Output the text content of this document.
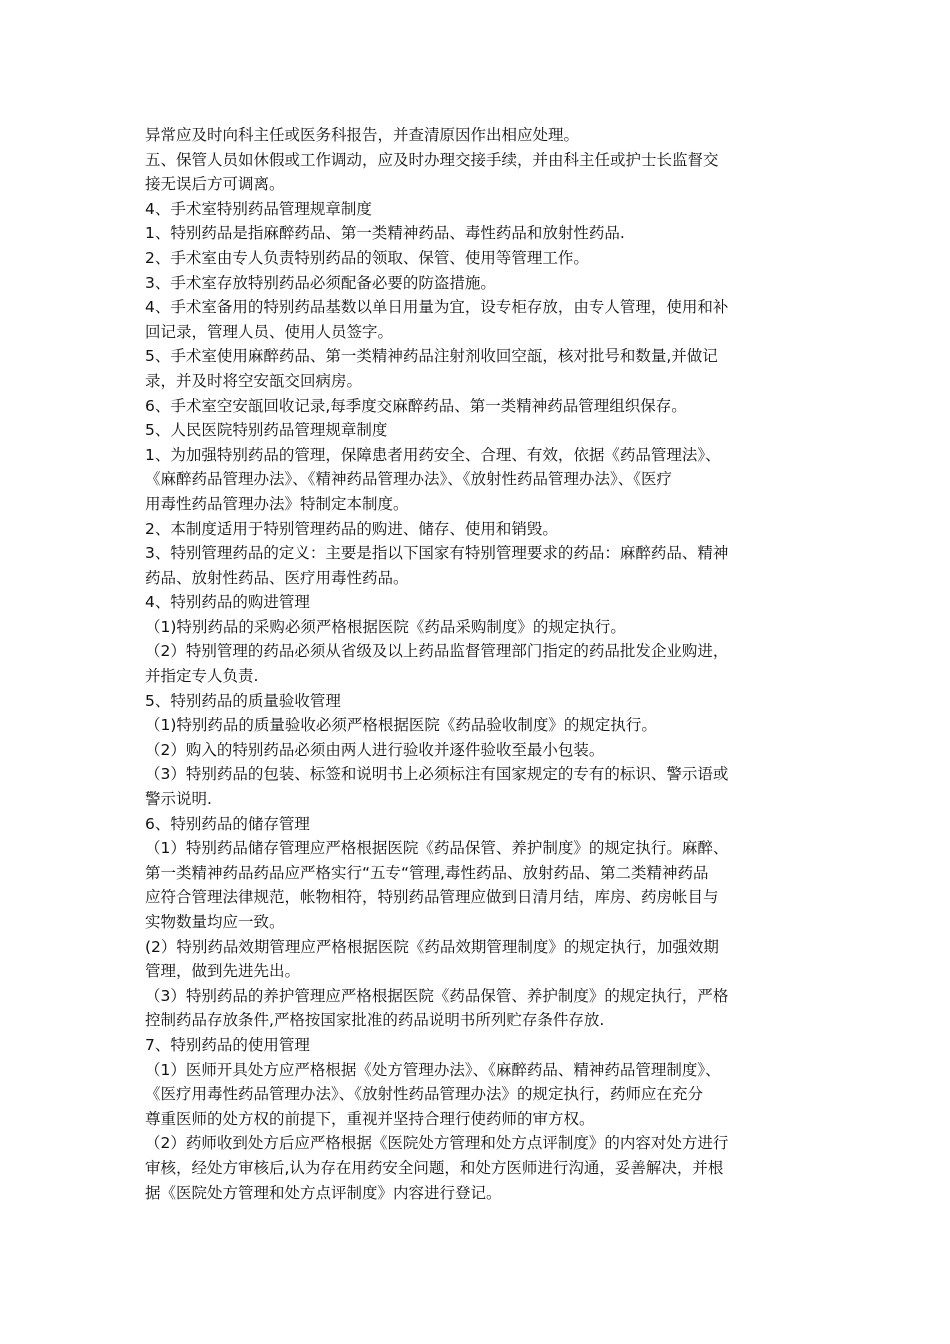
异常应及时向科主任或医务科报告，并查清原因作出相应处理。
五、保管人员如休假或工作调动，应及时办理交接手续，并由科主任或护士长监督交
接无误后方可调离。
4、手术室特别药品管理规章制度
1、特别药品是指麻醉药品、第一类精神药品、毒性药品和放射性药品.
2、手术室由专人负责特别药品的领取、保管、使用等管理工作。
3、手术室存放特别药品必须配备必要的防盗措施。
4、手术室备用的特别药品基数以单日用量为宜，设专柜存放，由专人管理，使用和补
回记录，管理人员、使用人员签字。
5、手术室使用麻醉药品、第一类精神药品注射剂收回空瓿，核对批号和数量,并做记
录，并及时将空安瓿交回病房。
6、手术室空安瓿回收记录,每季度交麻醉药品、第一类精神药品管理组织保存。
5、人民医院特别药品管理规章制度
1、为加强特别药品的管理，保障患者用药安全、合理、有效，依据《药品管理法》、
《麻醉药品管理办法》、《精神药品管理办法》、《放射性药品管理办法》、《医疗
用毒性药品管理办法》特制定本制度。
2、本制度适用于特别管理药品的购进、储存、使用和销毁。
3、特别管理药品的定义：主要是指以下国家有特别管理要求的药品：麻醉药品、精神
药品、放射性药品、医疗用毒性药品。
4、特别药品的购进管理
（1)特别药品的采购必须严格根据医院《药品采购制度》的规定执行。
（2）特别管理的药品必须从省级及以上药品监督管理部门指定的药品批发企业购进，
并指定专人负责.
5、特别药品的质量验收管理
（1)特别药品的质量验收必须严格根据医院《药品验收制度》的规定执行。
（2）购入的特别药品必须由两人进行验收并逐件验收至最小包装。
（3）特别药品的包装、标签和说明书上必须标注有国家规定的专有的标识、警示语或
警示说明.
6、特别药品的储存管理
（1）特别药品储存管理应严格根据医院《药品保管、养护制度》的规定执行。麻醉、
第一类精神药品药品应严格实行“五专“管理,毒性药品、放射药品、第二类精神药品
应符合管理法律规范，帐物相符，特别药品管理应做到日清月结，库房、药房帐目与
实物数量均应一致。
(2）特别药品效期管理应严格根据医院《药品效期管理制度》的规定执行，加强效期
管理，做到先进先出。
（3）特别药品的养护管理应严格根据医院《药品保管、养护制度》的规定执行，严格
控制药品存放条件,严格按国家批准的药品说明书所列贮存条件存放.
7、特别药品的使用管理
（1）医师开具处方应严格根据《处方管理办法》、《麻醉药品、精神药品管理制度》、
《医疗用毒性药品管理办法》、《放射性药品管理办法》的规定执行，药师应在充分
尊重医师的处方权的前提下，重视并坚持合理行使药师的审方权。
（2）药师收到处方后应严格根据《医院处方管理和处方点评制度》的内容对处方进行
审核，经处方审核后,认为存在用药安全问题，和处方医师进行沟通，妥善解决，并根
据《医院处方管理和处方点评制度》内容进行登记。
